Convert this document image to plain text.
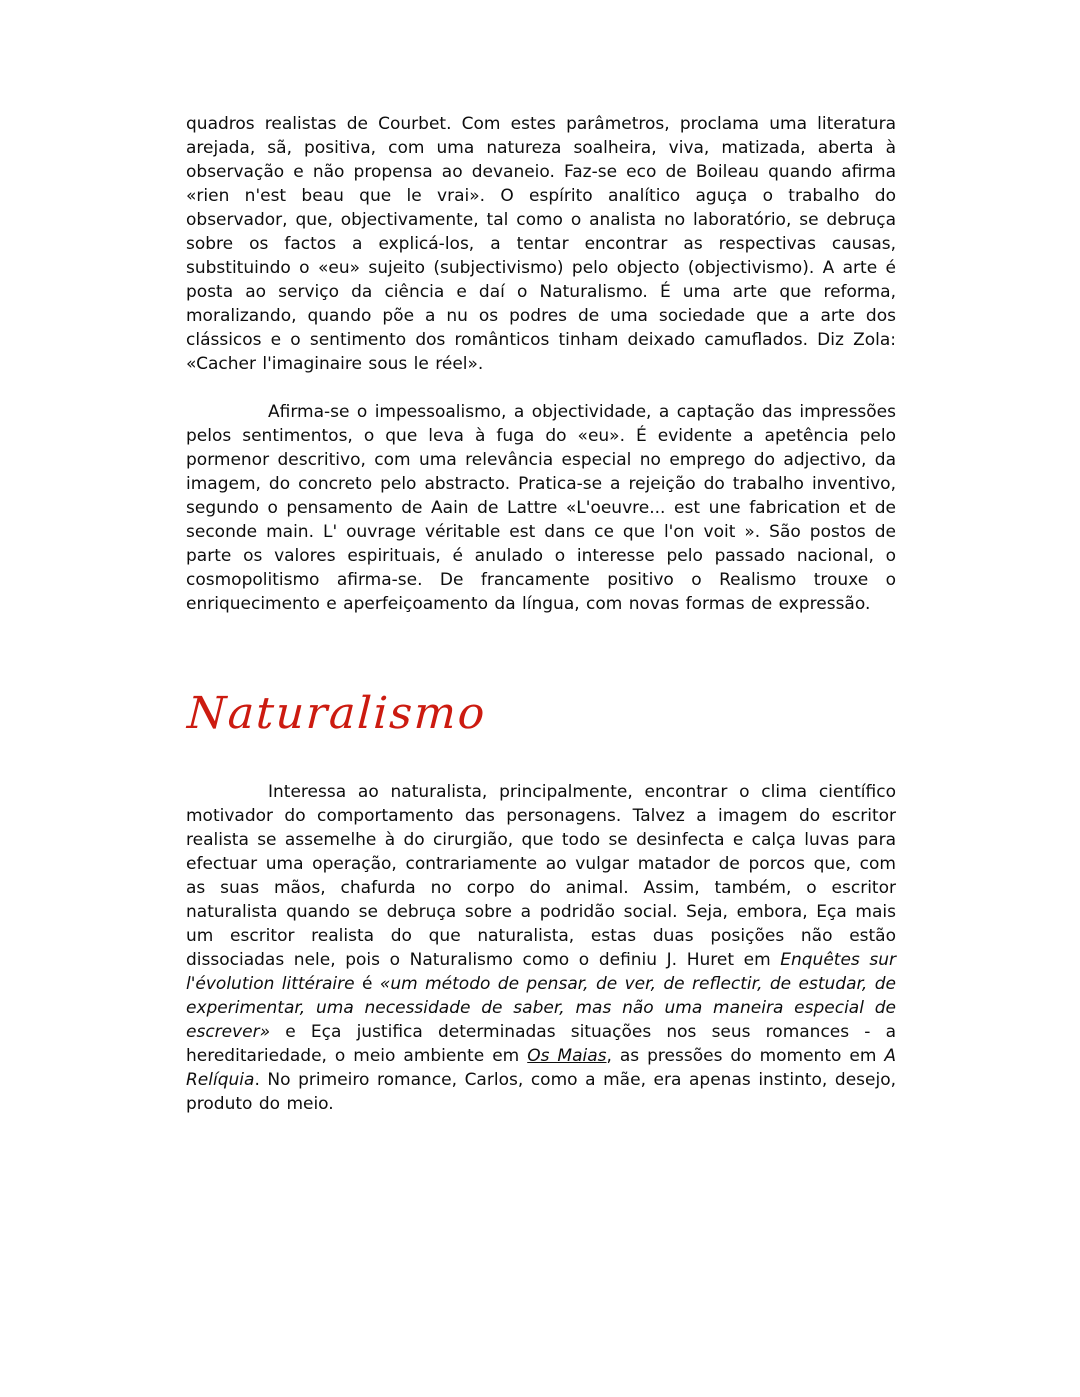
quadros realistas de Courbet. Com estes parâmetros, proclama uma literatura arejada, sã, positiva, com uma natureza soalheira, viva, matizada, aberta à observação e não propensa ao devaneio. Faz-se eco de Boileau quando afirma «rien n'est beau que le vrai». O espírito analítico aguça o trabalho do observador, que, objectivamente, tal como o analista no laboratório, se debruça sobre os factos a explicá-los, a tentar encontrar as respectivas causas, substituindo o «eu» sujeito (subjectivismo) pelo objecto (objectivismo). A arte é posta ao serviço da ciência e daí o Naturalismo. É uma arte que reforma, moralizando, quando põe a nu os podres de uma sociedade que a arte dos clássicos e o sentimento dos românticos tinham deixado camuflados. Diz Zola: «Cacher l'imaginaire sous le réel».

Afirma-se o impessoalismo, a objectividade, a captação das impressões pelos sentimentos, o que leva à fuga do «eu». É evidente a apetência pelo pormenor descritivo, com uma relevância especial no emprego do adjectivo, da imagem, do concreto pelo abstracto. Pratica-se a rejeição do trabalho inventivo, segundo o pensamento de Aain de Lattre «L'oeuvre... est une fabrication et de seconde main. L' ouvrage véritable est dans ce que l'on voit ». São postos de parte os valores espirituais, é anulado o interesse pelo passado nacional, o cosmopolitismo afirma-se. De francamente positivo o Realismo trouxe o enriquecimento e aperfeiçoamento da língua, com novas formas de expressão.

Naturalismo

Interessa ao naturalista, principalmente, encontrar o clima científico motivador do comportamento das personagens. Talvez a imagem do escritor realista se assemelhe à do cirurgião, que todo se desinfecta e calça luvas para efectuar uma operação, contrariamente ao vulgar matador de porcos que, com as suas mãos, chafurda no corpo do animal. Assim, também, o escritor naturalista quando se debruça sobre a podridão social. Seja, embora, Eça mais um escritor realista do que naturalista, estas duas posições não estão dissociadas nele, pois o Naturalismo como o definiu J. Huret em Enquêtes sur l'évolution littéraire é «um método de pensar, de ver, de reflectir, de estudar, de experimentar, uma necessidade de saber, mas não uma maneira especial de escrever» e Eça justifica determinadas situações nos seus romances - a hereditariedade, o meio ambiente em Os Maias, as pressões do momento em A Relíquia. No primeiro romance, Carlos, como a mãe, era apenas instinto, desejo, produto do meio.
